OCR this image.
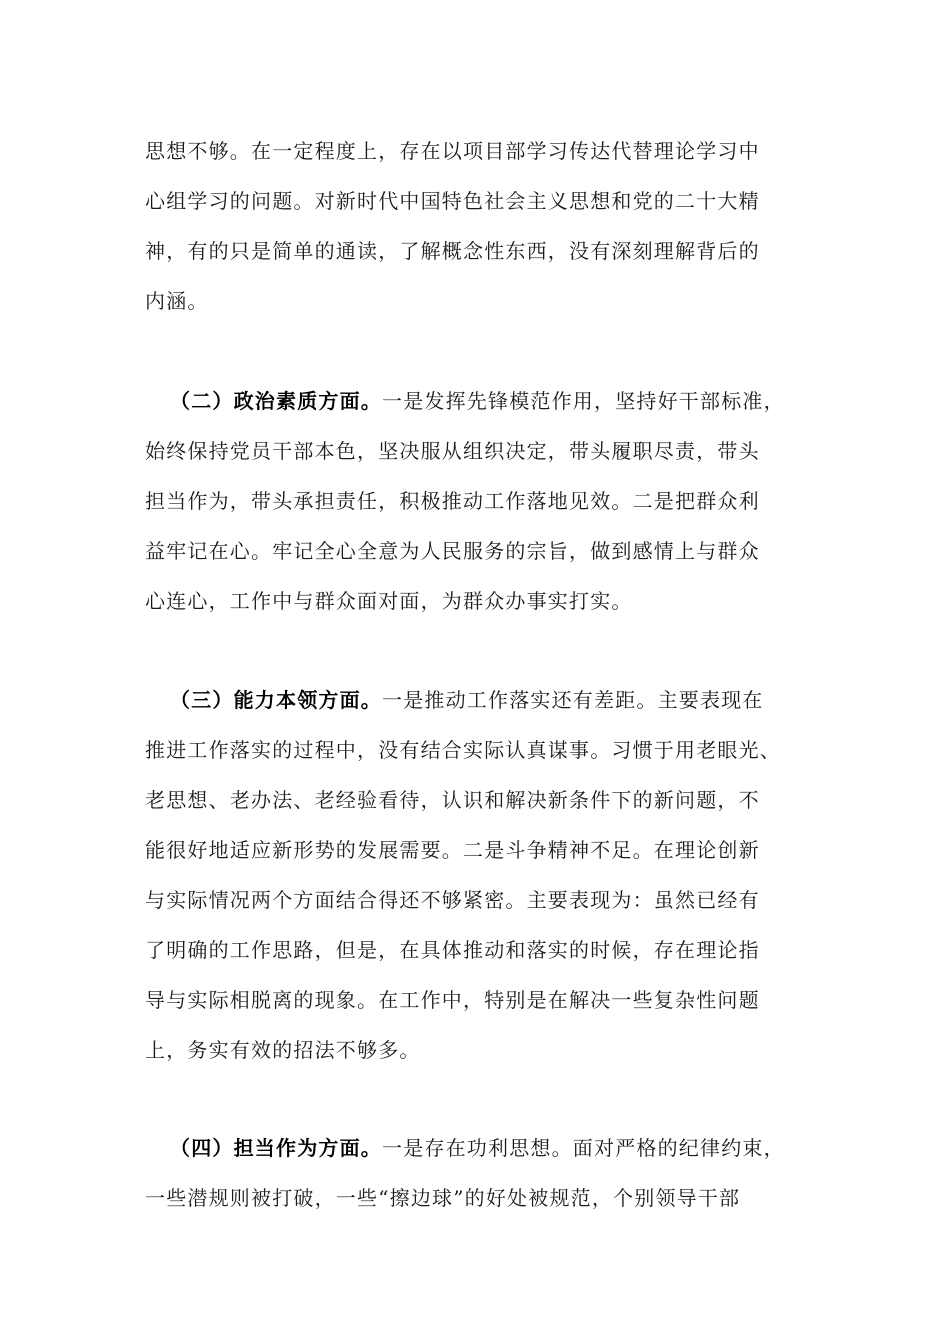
思想不够。在一定程度上，存在以项目部学习传达代替理论学习中
心组学习的问题。对新时代中国特色社会主义思想和党的二十大精
神，有的只是简单的通读，了解概念性东西，没有深刻理解背后的
内涵。
（二）政治素质方面。一是发挥先锋模范作用，坚持好干部标准，
始终保持党员干部本色，坚决服从组织决定，带头履职尽责，带头
担当作为，带头承担责任，积极推动工作落地见效。二是把群众利
益牢记在心。牢记全心全意为人民服务的宗旨，做到感情上与群众
心连心，工作中与群众面对面，为群众办事实打实。
（三）能力本领方面。一是推动工作落实还有差距。主要表现在
推进工作落实的过程中，没有结合实际认真谋事。习惯于用老眼光、
老思想、老办法、老经验看待，认识和解决新条件下的新问题，不
能很好地适应新形势的发展需要。二是斗争精神不足。在理论创新
与实际情况两个方面结合得还不够紧密。主要表现为：虽然已经有
了明确的工作思路，但是，在具体推动和落实的时候，存在理论指
导与实际相脱离的现象。在工作中，特别是在解决一些复杂性问题
上，务实有效的招法不够多。
（四）担当作为方面。一是存在功利思想。面对严格的纪律约束，
一些潜规则被打破，一些“擦边球”的好处被规范，个别领导干部
